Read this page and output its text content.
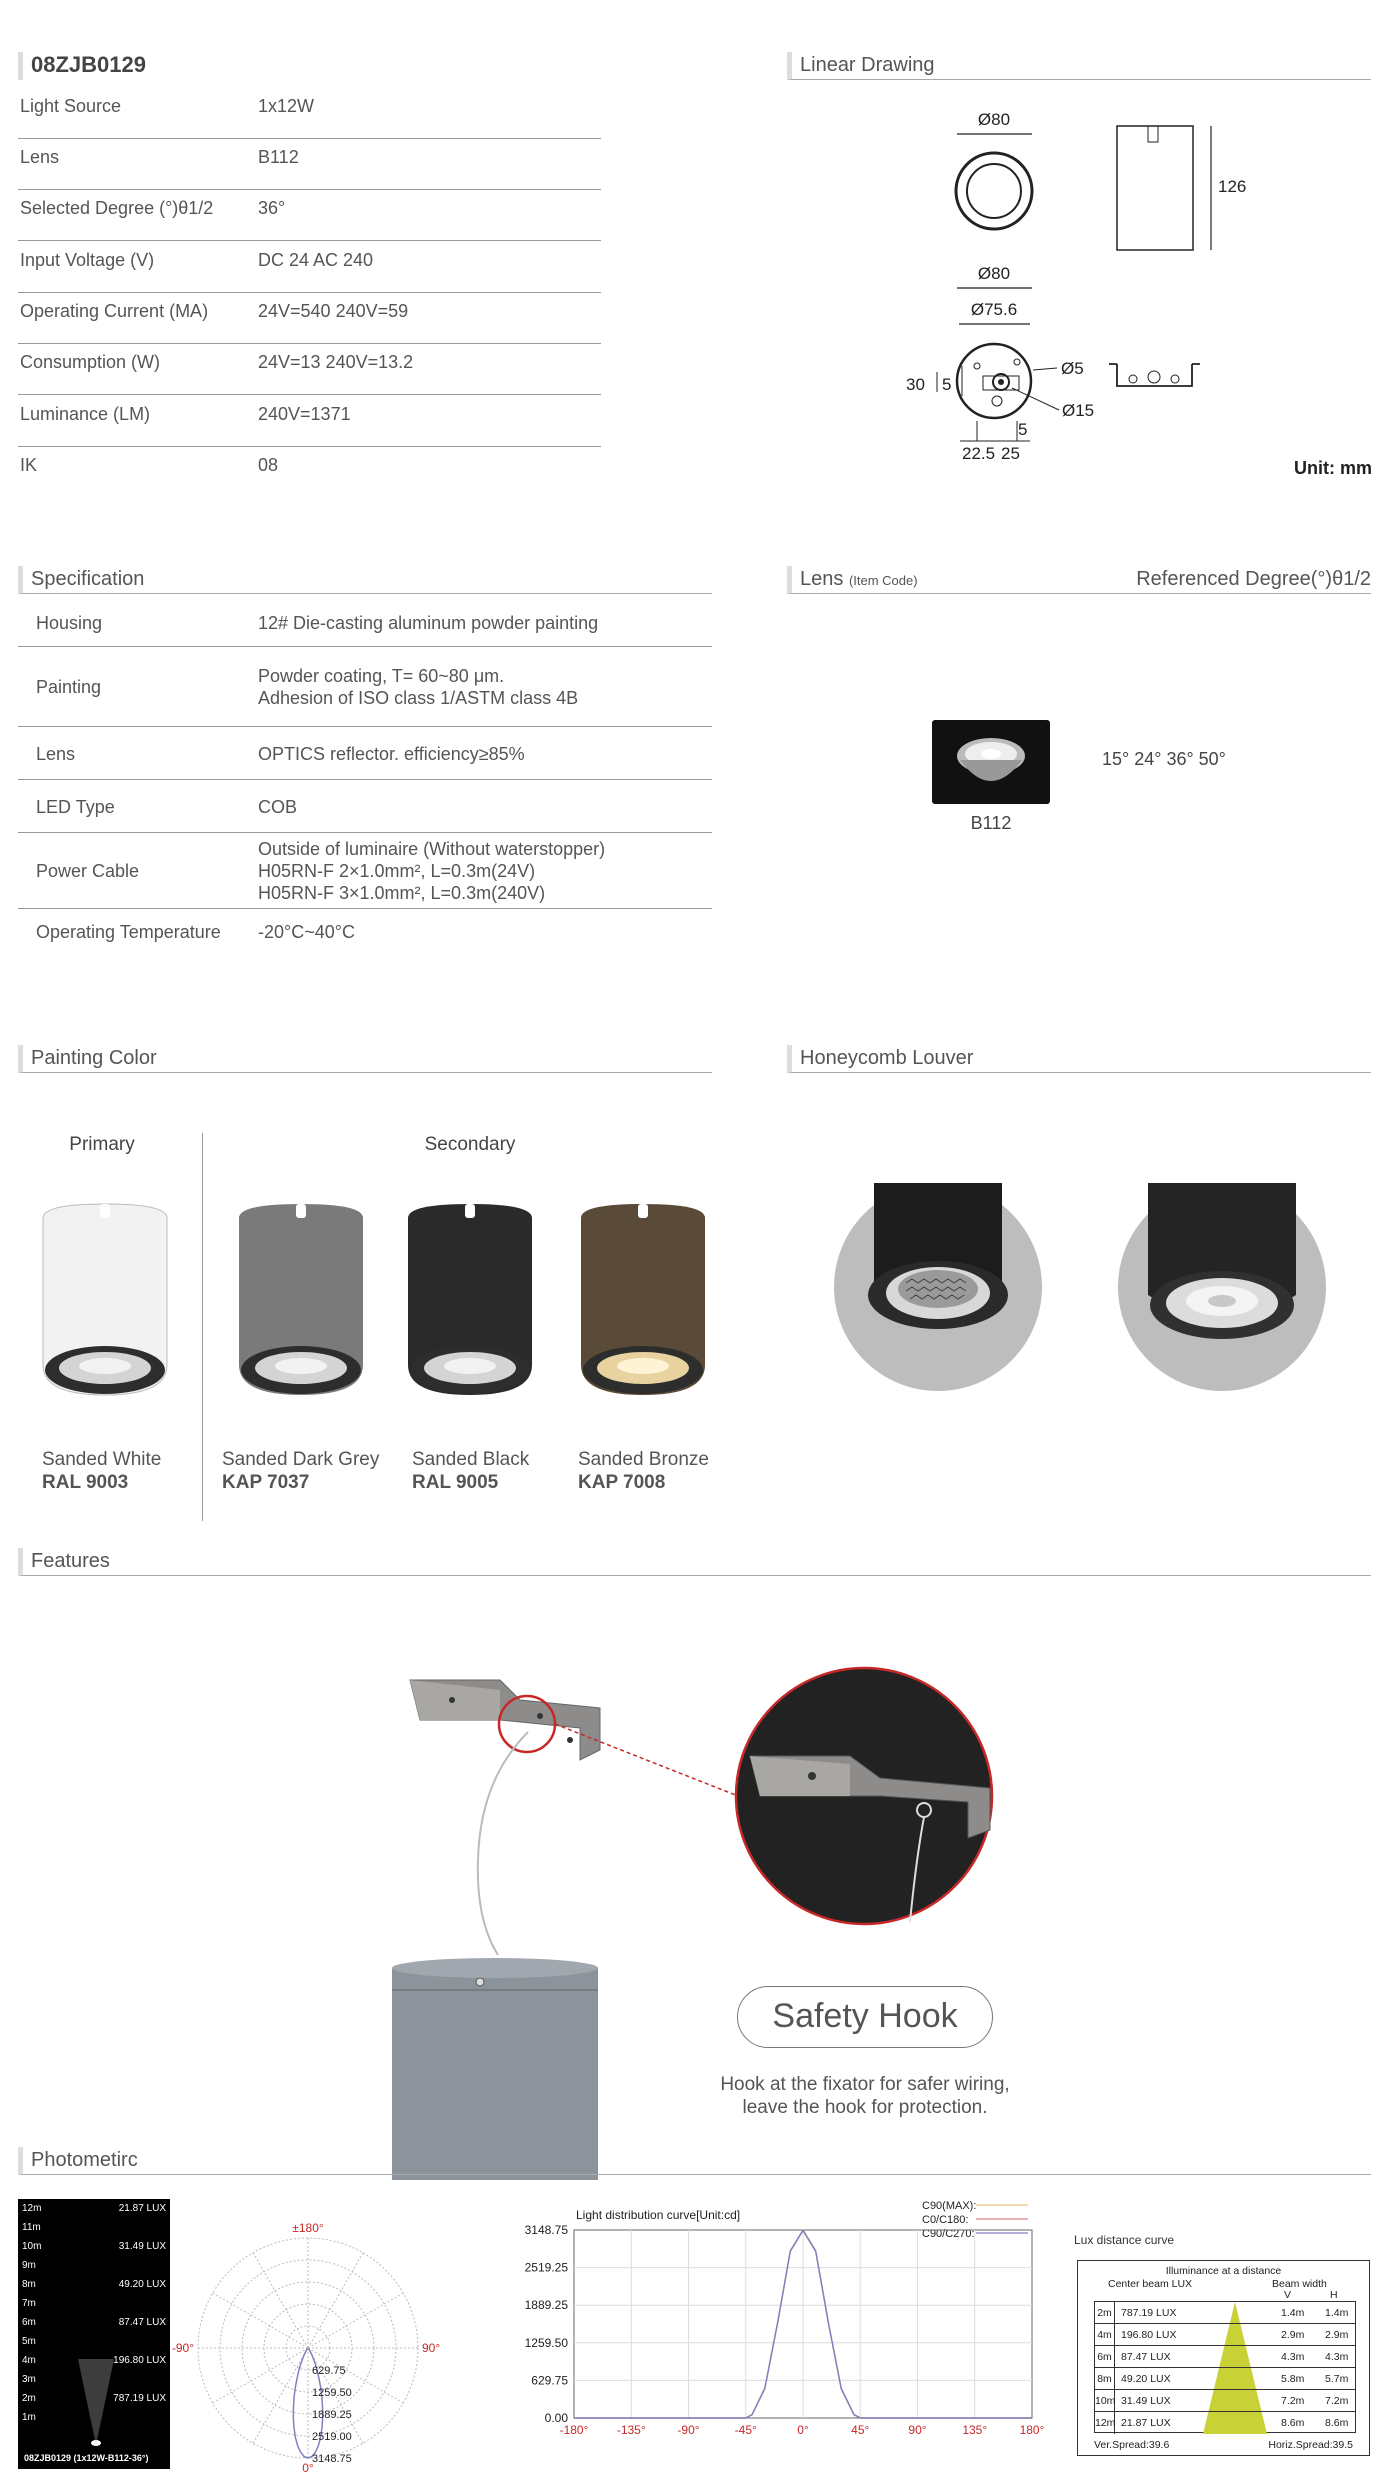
08ZJB0129
Light Source	1x12W
Lens	B112
Selected Degree (°)θ1/2 36°
Input Voltage (V)	DC 24 AC 240
Operating Current (MA)	24V=540 240V=59
Consumption (W)	24V=13 240V=13.2
Luminance (LM)	240V=1371
IK	08
Linear Drawing
Ø80
126
Ø80
Ø75.6
30 5
Ø5
Ø15
5
22.5 25
Unit: mm
Specification
Housing	12# Die-casting aluminum powder painting
Painting
Powder coating, T= 60~80 μm.
Adhesion of ISO class 1/ASTM class 4B
Lens	OPTICS reflector. efficiency≥85%
LED Type	COB
Power Cable
Outside of luminaire (Without waterstopper)
H05RN-F 2×1.0mm², L=0.3m(24V)
H05RN-F 3×1.0mm², L=0.3m(240V)
Operating Temperature -20°C~40°C
Lens (Item Code)	Referenced Degree(°)θ1/2
B112
15° 24° 36° 50°
Painting Color
Primary	Secondary
Sanded White
RAL 9003
Sanded Dark Grey
KAP 7037
Sanded Black
RAL 9005
Sanded Bronze
KAP 7008
Honeycomb Louver
Features
Safety Hook
Hook at the fixator for safer wiring,
leave the hook for protection.
Photometirc
12m	21.87 LUX
11m
10m	31.49 LUX
9m
8m	49.20 LUX
7m
6m	87.47 LUX
5m
4m	196.80 LUX
3m
2m	787.19 LUX
1m
08ZJB0129 (1x12W-B112-36°)
±180°
-90°	90°
0°
629.75
1259.50
1889.25
2519.00
3148.75
Light distribution curve[Unit:cd]
C90(MAX):
C0/C180:
C90/C270:
3148.75
2519.25
1889.25
1259.50
629.75
0.00
-180° -135°	-90°	-45°	0°	45°	90°	135°	180°
Lux distance curve
Illuminance at a distance
Center beam LUX	Beam width
V	H
2m 787.19 LUX	1.4m 1.4m
4m 196.80 LUX	2.9m 2.9m
6m 87.47 LUX	4.3m 4.3m
8m 49.20 LUX	5.8m 5.7m
10m 31.49 LUX	7.2m 7.2m
12m 21.87 LUX	8.6m 8.6m
Ver.Spread:39.6	Horiz.Spread:39.5
